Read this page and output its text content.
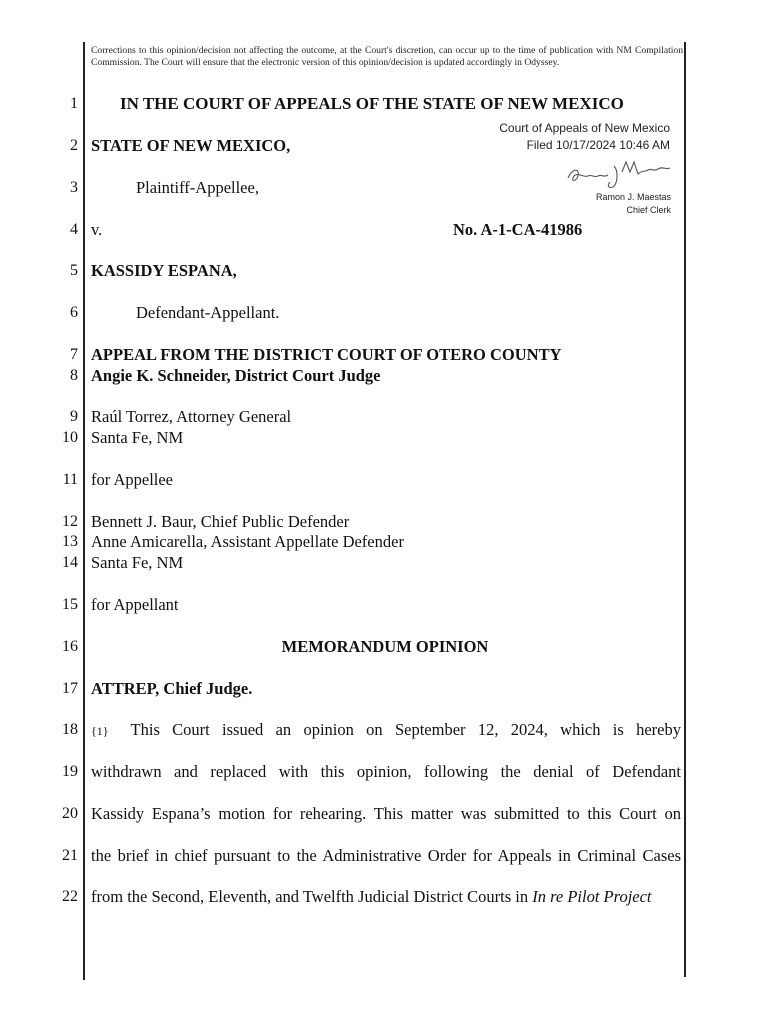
Corrections to this opinion/decision not affecting the outcome, at the Court's discretion, can occur up to the time of publication with NM Compilation Commission. The Court will ensure that the electronic version of this opinion/decision is updated accordingly in Odyssey.
Court of Appeals of New Mexico
Filed 10/17/2024 10:46 AM
Ramon J. Maestas
Chief Clerk
1
2
3
4
5
6
7
8
9
10
11
12
13
14
15
16
17
18
19
20
21
22
IN THE COURT OF APPEALS OF THE STATE OF NEW MEXICO
STATE OF NEW MEXICO,
Plaintiff-Appellee,
v.	No. A-1-CA-41986
KASSIDY ESPANA,
Defendant-Appellant.
APPEAL FROM THE DISTRICT COURT OF OTERO COUNTY
Angie K. Schneider, District Court Judge
Raúl Torrez, Attorney General
Santa Fe, NM
for Appellee
Bennett J. Baur, Chief Public Defender
Anne Amicarella, Assistant Appellate Defender
Santa Fe, NM
for Appellant
MEMORANDUM OPINION
ATTREP, Chief Judge.
{1} This Court issued an opinion on September 12, 2024, which is hereby
withdrawn and replaced with this opinion, following the denial of Defendant
Kassidy Espana’s motion for rehearing. This matter was submitted to this Court on
the brief in chief pursuant to the Administrative Order for Appeals in Criminal Cases
from the Second, Eleventh, and Twelfth Judicial District Courts in In re Pilot Project
